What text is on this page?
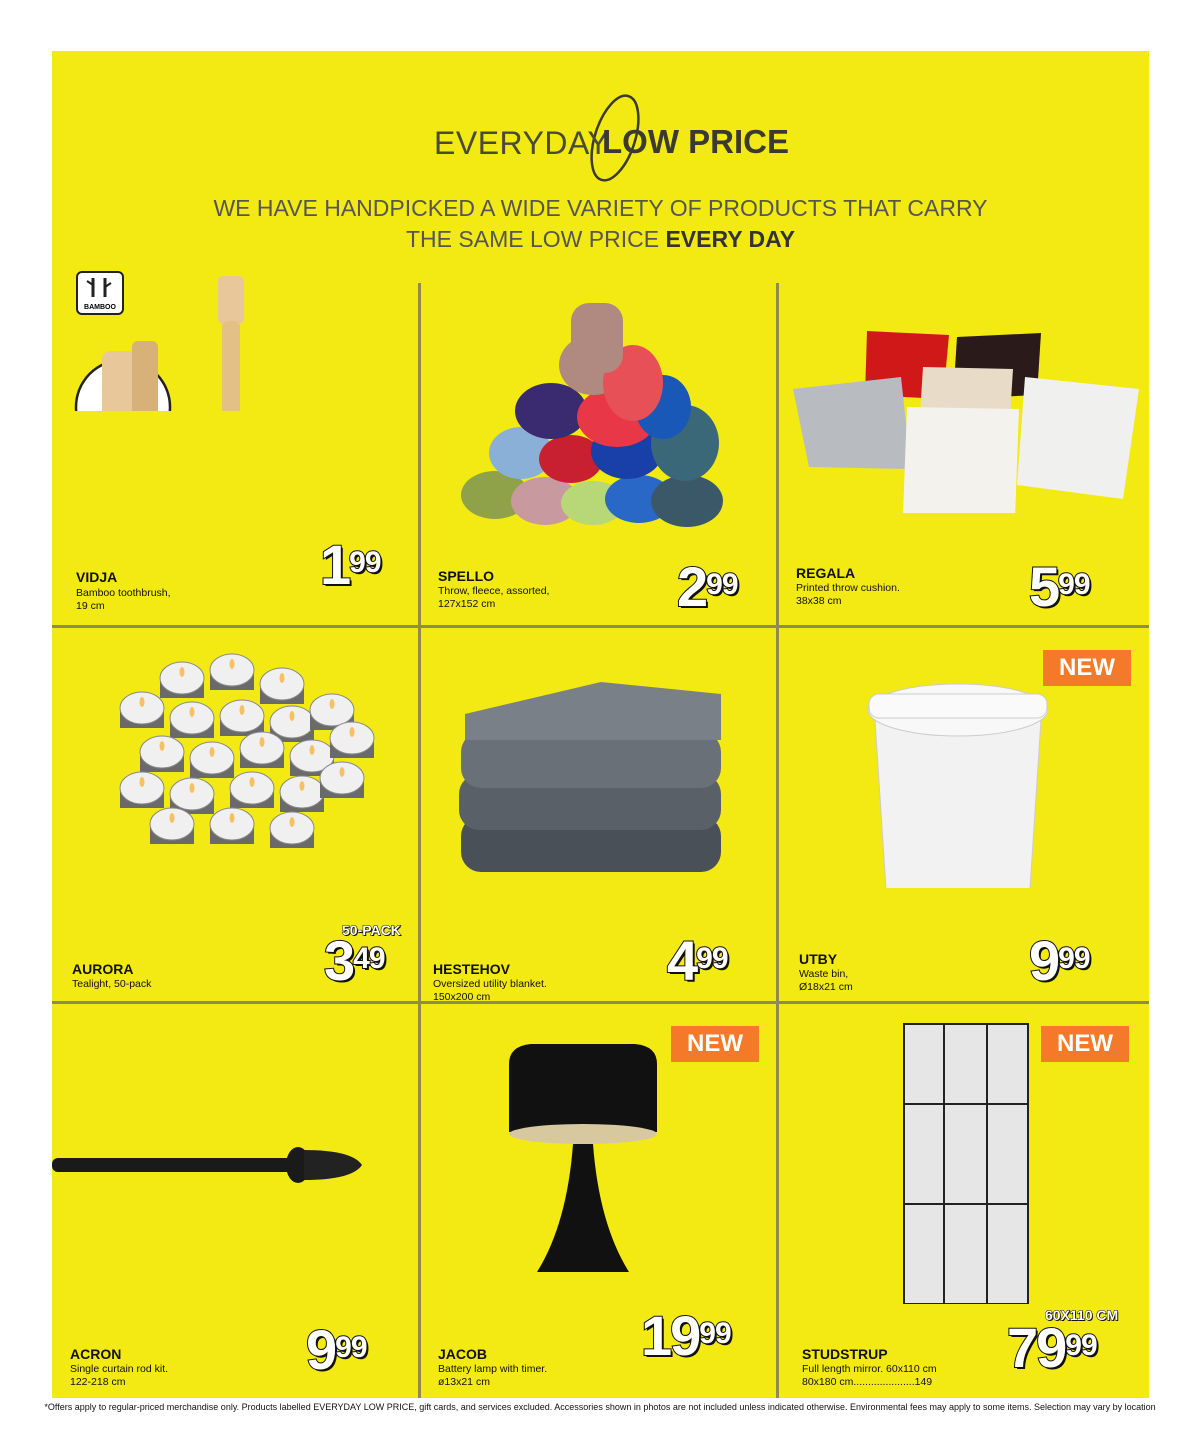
EVERYDAY
LOW PRICE
WE HAVE HANDPICKED A WIDE VARIETY OF PRODUCTS THAT CARRY
THE SAME LOW PRICE EVERY DAY
BAMBOO
VIDJA
Bamboo toothbrush,
19 cm
$1^{99}$	SPELLO
Throw, fleece, assorted,
127x152 cm	$2^{99}$	REGALA
Printed throw cushion.
38x38 cm	$5^{99}$
AURORA
Tealight, 50-pack
50-PACK
$3^{49}$	HESTEHOV
Oversized utility blanket.
150x200 cm
$4^{99}$
NEW
UTBY
Waste bin,
Ø18x21 cm	$9^{99}$
ACRON
Single curtain rod kit.
122-218 cm
$9^{99}$
NEW
JACOB
Battery lamp with timer.
ø13x21 cm
$19^{99}$
NEW
STUDSTRUP
Full length mirror. 60x110 cm
80x180 cm.....................149
60X110 CM
$79^{99}$
*Offers apply to regular-priced merchandise only. Products labelled EVERYDAY LOW PRICE, gift cards, and services excluded. Accessories shown in photos are not included unless indicated otherwise. Environmental fees may apply to some items. Selection may vary by location
